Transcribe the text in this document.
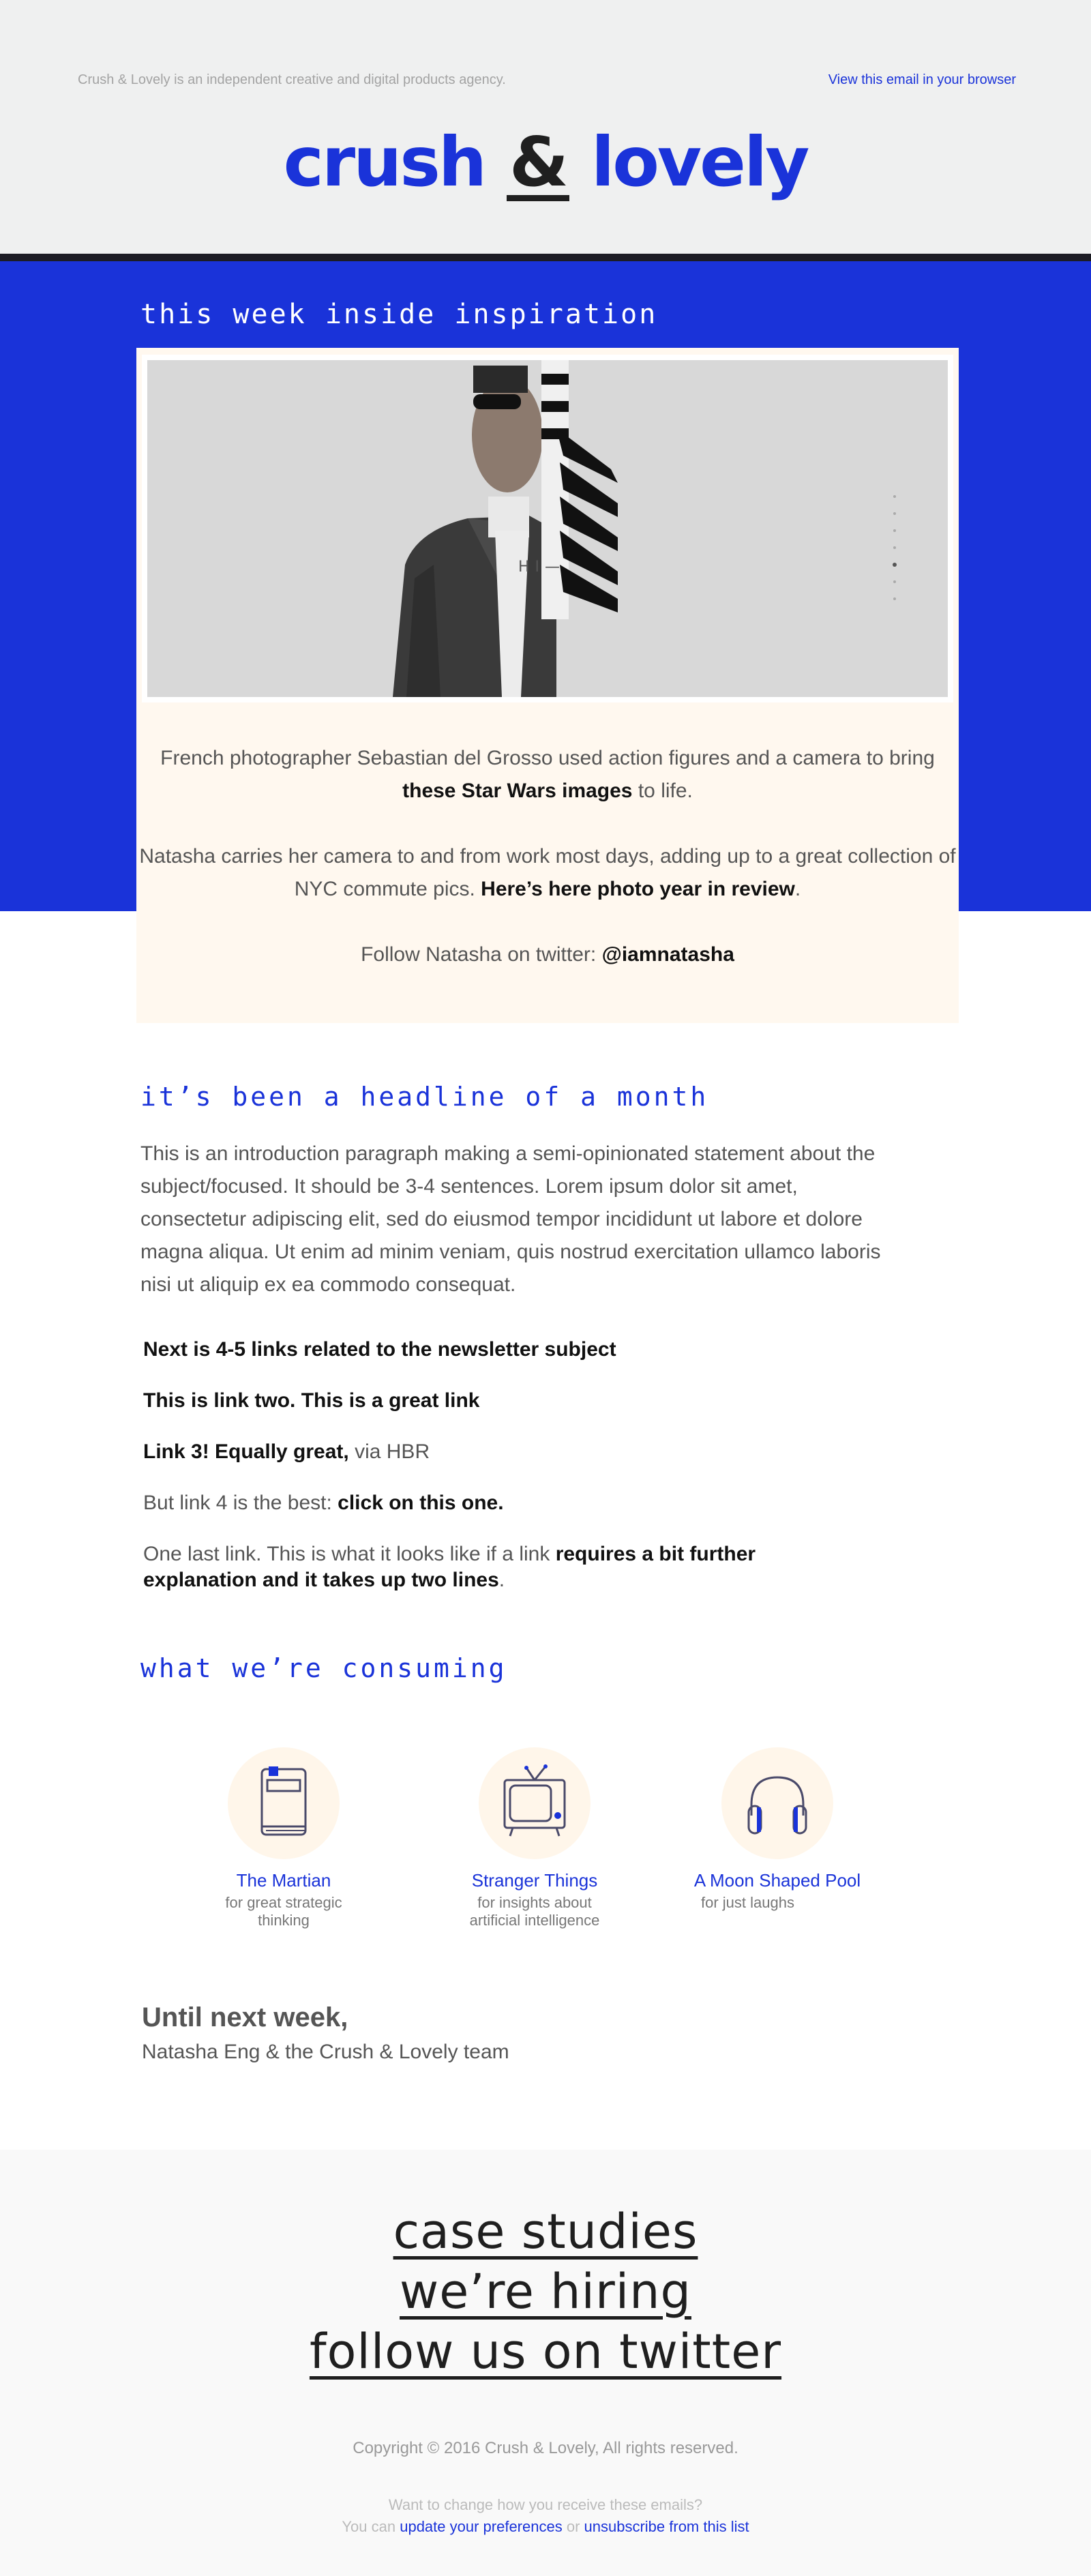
Crush & Lovely is an independent creative and digital products agency.	View this email in your browser
crush & lovely
this week inside inspiration
HI—

French photographer Sebastian del Grosso used action figures and a camera to bring these Star Wars images to life.

Natasha carries her camera to and from work most days, adding up to a great collection of NYC commute pics. Here’s here photo year in review.

Follow Natasha on twitter: @iamnatasha

it’s been a headline of a month
This is an introduction paragraph making a semi-opinionated statement about the subject/focused. It should be 3-4 sentences. Lorem ipsum dolor sit amet, consectetur adipiscing elit, sed do eiusmod tempor incididunt ut labore et dolore magna aliqua. Ut enim ad minim veniam, quis nostrud exercitation ullamco laboris nisi ut aliquip ex ea commodo consequat.
Next is 4-5 links related to the newsletter subject
This is link two. This is a great link
Link 3! Equally great, via HBR
But link 4 is the best: click on this one.
One last link. This is what it looks like if a link requires a bit further explanation and it takes up two lines.
what we’re consuming
The Martian
for great strategic thinking
Stranger Things
for insights about artificial intelligence
A Moon Shaped Pool
for just laughs
Until next week,
Natasha Eng & the Crush & Lovely team
case studies
we’re hiring
follow us on twitter
Copyright © 2016 Crush & Lovely, All rights reserved.
Want to change how you receive these emails?
You can update your preferences or unsubscribe from this list
